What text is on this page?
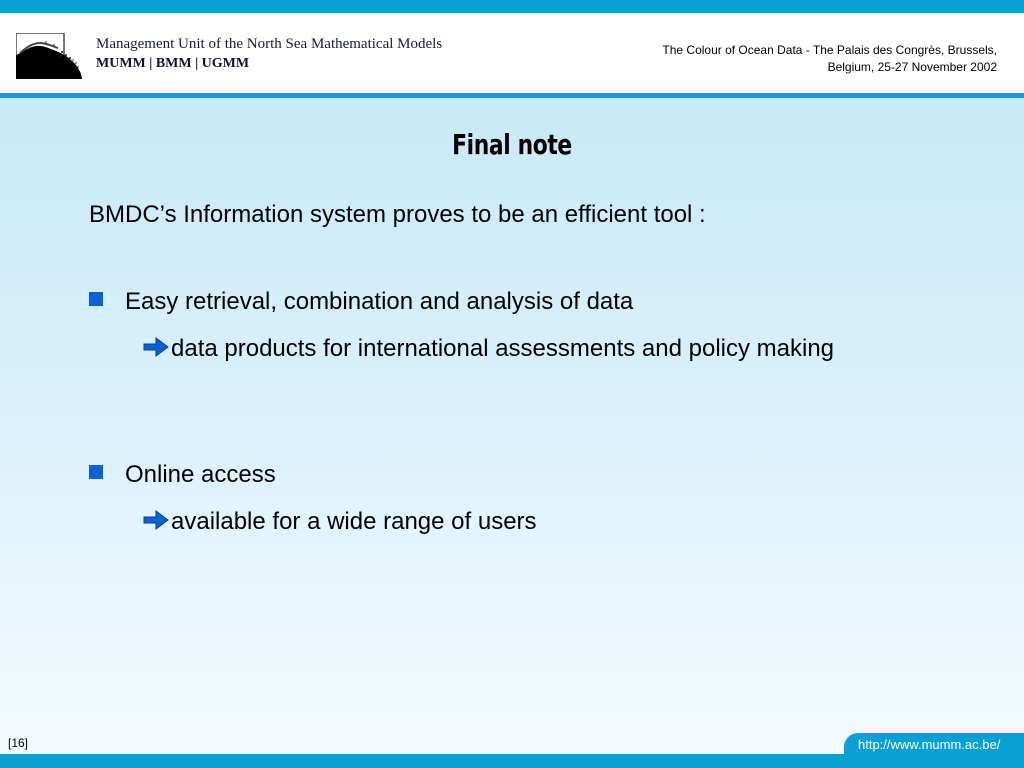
Management Unit of the North Sea Mathematical Models
MUMM | BMM | UGMM
The Colour of Ocean Data - The Palais des Congrès, Brussels,
Belgium, 25-27 November 2002
Final note
BMDC’s Information system proves to be an efficient tool :
Easy retrieval, combination and analysis of data
data products for international assessments and policy making
Online access
available for a wide range of users
[16]	http://www.mumm.ac.be/
